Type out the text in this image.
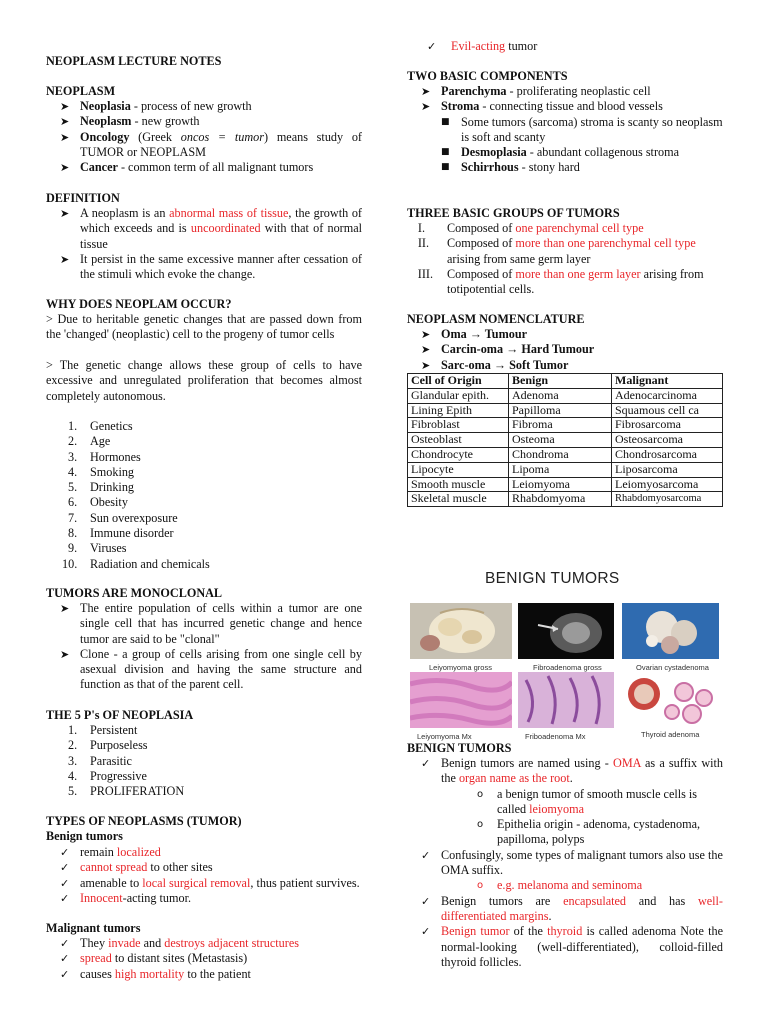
NEOPLASM LECTURE NOTES
NEOPLASM
➤ Neoplasia - process of new growth
➤ Neoplasm - new growth
➤ Oncology (Greek oncos = tumor) means study of TUMOR or NEOPLASM
➤ Cancer - common term of all malignant tumors
DEFINITION
➤ A neoplasm is an abnormal mass of tissue, the growth of which exceeds and is uncoordinated with that of normal tissue
➤ It persist in the same excessive manner after cessation of the stimuli which evoke the change.
WHY DOES NEOPLAM OCCUR?
> Due to heritable genetic changes that are passed down from the 'changed' (neoplastic) cell to the progeny of tumor cells
> The genetic change allows these group of cells to have excessive and unregulated proliferation that becomes almost completely autonomous.
1. Genetics
2. Age
3. Hormones
4. Smoking
5. Drinking
6. Obesity
7. Sun overexposure
8. Immune disorder
9. Viruses
10. Radiation and chemicals
TUMORS ARE MONOCLONAL
➤ The entire population of cells within a tumor are one single cell that has incurred genetic change and hence tumor are said to be "clonal"
➤ Clone - a group of cells arising from one single cell by asexual division and having the same structure and function as that of the parent cell.
THE 5 P's OF NEOPLASIA
1. Persistent
2. Purposeless
3. Parasitic
4. Progressive
5. PROLIFERATION
TYPES OF NEOPLASMS (TUMOR)
Benign tumors
✓ remain localized
✓ cannot spread to other sites
✓ amenable to local surgical removal, thus patient survives.
✓ Innocent-acting tumor.
Malignant tumors
✓ They invade and destroys adjacent structures
✓ spread to distant sites (Metastasis)
✓ causes high mortality to the patient
✓ Evil-acting tumor
TWO BASIC COMPONENTS
➤ Parenchyma - proliferating neoplastic cell
➤ Stroma - connecting tissue and blood vessels
■ Some tumors (sarcoma) stroma is scanty so neoplasm is soft and scanty
■ Desmoplasia - abundant collagenous stroma
■ Schirrhous - stony hard
THREE BASIC GROUPS OF TUMORS
I. Composed of one parenchymal cell type
II. Composed of more than one parenchymal cell type arising from same germ layer
III. Composed of more than one germ layer arising from totipotential cells.
NEOPLASM NOMENCLATURE
➤ Oma → Tumour
➤ Carcin-oma → Hard Tumour
➤ Sarc-oma → Soft Tumor
Cell of Origin	Benign	Malignant
Glandular epith.	Adenoma	Adenocarcinoma
Lining Epith	Papilloma	Squamous cell ca
Fibroblast	Fibroma	Fibrosarcoma
Osteoblast	Osteoma	Osteosarcoma
Chondrocyte	Chondroma	Chondrosarcoma
Lipocyte	Lipoma	Liposarcoma
Smooth muscle	Leiomyoma	Leiomyosarcoma
Skeletal muscle	Rhabdomyoma	Rhabdomyosarcoma
BENIGN TUMORS
Leiyomyoma gross	Fibroadenoma gross	Ovarian cystadenoma
Leiyomyoma Mx	Friboadenoma Mx	Thyroid adenoma
BENIGN TUMORS
✓ Benign tumors are named using - OMA as a suffix with the organ name as the root.
o a benign tumor of smooth muscle cells is called leiomyoma
o Epithelia origin - adenoma, cystadenoma, papilloma, polyps
✓ Confusingly, some types of malignant tumors also use the OMA suffix.
o e.g. melanoma and seminoma
✓ Benign tumors are encapsulated and has well-differentiated margins.
✓ Benign tumor of the thyroid is called adenoma Note the normal-looking (well-differentiated), colloid-filled thyroid follicles.
